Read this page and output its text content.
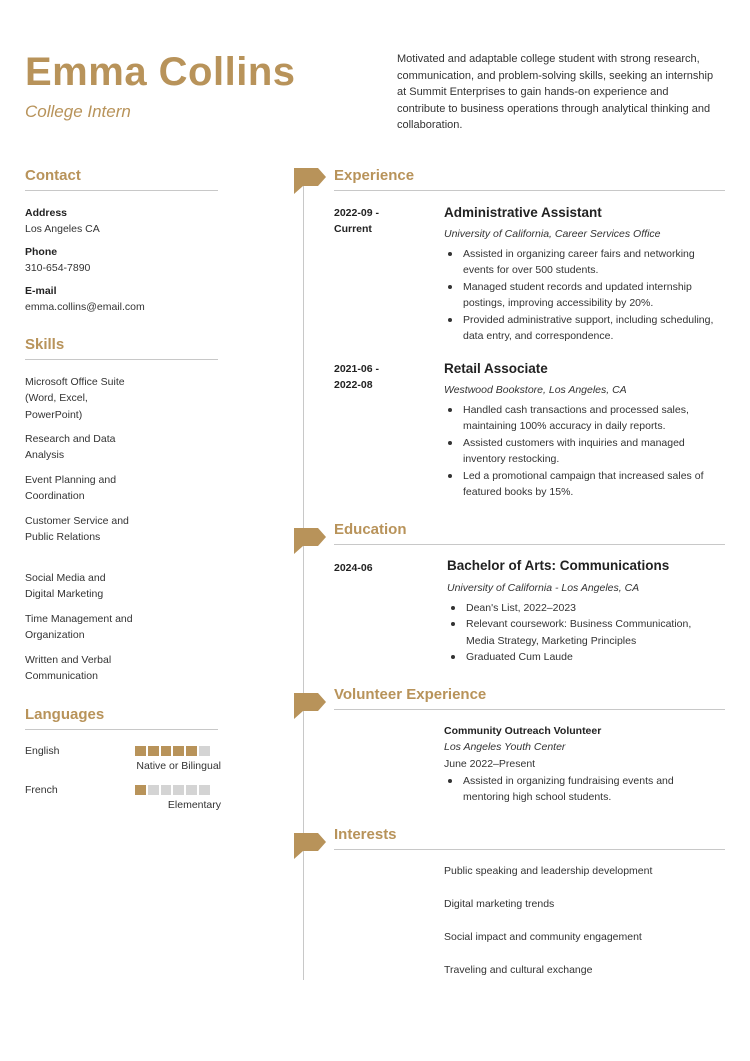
Emma Collins
College Intern
Motivated and adaptable college student with strong research, communication, and problem-solving skills, seeking an internship at Summit Enterprises to gain hands-on experience and contribute to business operations through analytical thinking and collaboration.
Contact
Address
Los Angeles CA
Phone
310-654-7890
E-mail
emma.collins@email.com
Skills
Microsoft Office Suite (Word, Excel, PowerPoint)
Research and Data Analysis
Event Planning and Coordination
Customer Service and Public Relations
Social Media and Digital Marketing
Time Management and Organization
Written and Verbal Communication
Languages
English
Native or Bilingual
French
Elementary
Experience
2022-09 - Current
Administrative Assistant
University of California, Career Services Office
Assisted in organizing career fairs and networking events for over 500 students.
Managed student records and updated internship postings, improving accessibility by 20%.
Provided administrative support, including scheduling, data entry, and correspondence.
2021-06 - 2022-08
Retail Associate
Westwood Bookstore, Los Angeles, CA
Handled cash transactions and processed sales, maintaining 100% accuracy in daily reports.
Assisted customers with inquiries and managed inventory restocking.
Led a promotional campaign that increased sales of featured books by 15%.
Education
2024-06	Bachelor of Arts: Communications
University of California - Los Angeles, CA
Dean's List, 2022–2023
Relevant coursework: Business Communication, Media Strategy, Marketing Principles
Graduated Cum Laude
Volunteer Experience
Community Outreach Volunteer
Los Angeles Youth Center
June 2022–Present
Assisted in organizing fundraising events and mentoring high school students.
Interests
Public speaking and leadership development
Digital marketing trends
Social impact and community engagement
Traveling and cultural exchange
